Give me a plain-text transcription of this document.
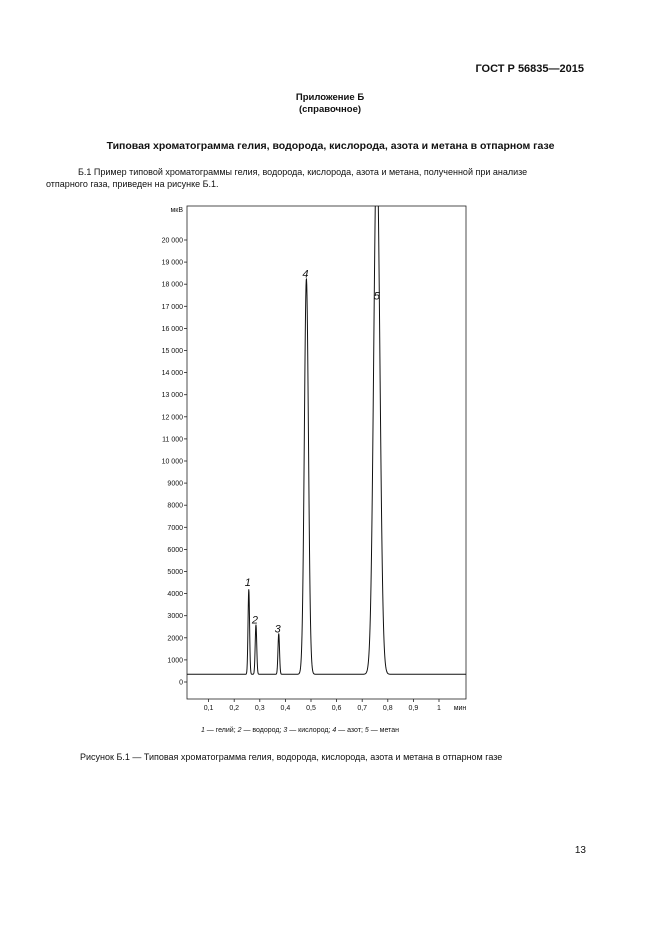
ГОСТ Р 56835—2015
Приложение Б
(справочное)
Типовая хроматограмма гелия, водорода, кислорода, азота и метана в отпарном газе
Б.1 Пример типовой хроматограммы гелия, водорода, кислорода, азота и метана, полученной при анализе
отпарного газа, приведен на рисунке Б.1.
0
1000
2000
3000
4000
5000
6000
7000
8000
9000
10 000
11 000
12 000
13 000
14 000
15 000
16 000
17 000
18 000
19 000
20 000
мкВ
0,1 0,2 0,3 0,4 0,5 0,6 0,7 0,8 0,9	1 мин
1
2
3
4
5
1 — гелий; 2 — водород; 3 — кислород; 4 — азот; 5 — метан
Рисунок Б.1 — Типовая хроматограмма гелия, водорода, кислорода, азота и метана в отпарном газе
13
